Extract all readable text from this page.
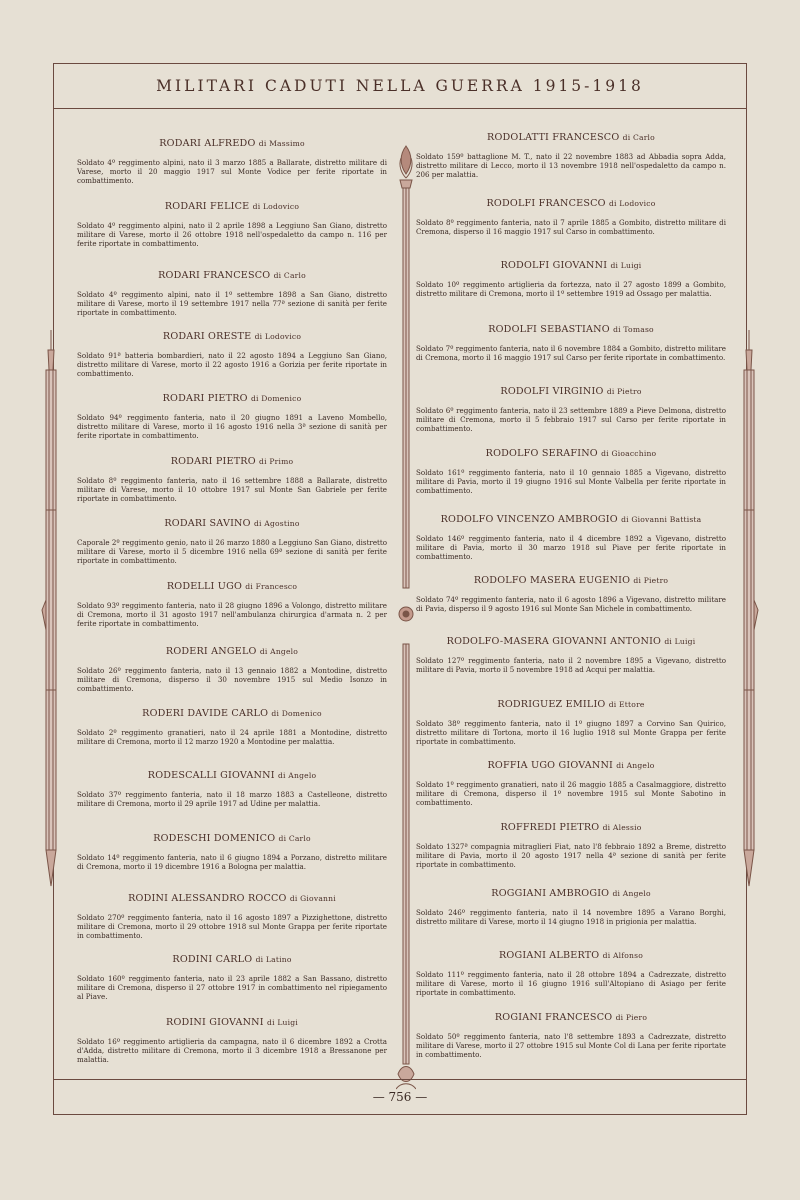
MILITARI CADUTI NELLA GUERRA 1915-1918
RODARI ALFREDO di Massimo

Soldato 4º reggimento alpini, nato il 3 marzo 1885 a Ballarate, distretto militare di Varese, morto il 20 maggio 1917 sul Monte Vodice per ferite riportate in combattimento.

RODARI FELICE di Lodovico

Soldato 4º reggimento alpini, nato il 2 aprile 1898 a Leggiuno San Giano, distretto militare di Varese, morto il 26 ottobre 1918 nell'ospedaletto da campo n. 116 per ferite riportate in combattimento.

RODARI FRANCESCO di Carlo

Soldato 4º reggimento alpini, nato il 1º settembre 1898 a San Giano, distretto militare di Varese, morto il 19 settembre 1917 nella 77ª sezione di sanità per ferite riportate in combattimento.

RODARI ORESTE di Lodovico

Soldato 91ª batteria bombardieri, nato il 22 agosto 1894 a Leggiuno San Giano, distretto militare di Varese, morto il 22 agosto 1916 a Gorizia per ferite riportate in combattimento.

RODARI PIETRO di Domenico

Soldato 94º reggimento fanteria, nato il 20 giugno 1891 a Laveno Mombello, distretto militare di Varese, morto il 16 agosto 1916 nella 3ª sezione di sanità per ferite riportate in combattimento.

RODARI PIETRO di Primo

Soldato 8º reggimento fanteria, nato il 16 settembre 1888 a Ballarate, distretto militare di Varese, morto il 10 ottobre 1917 sul Monte San Gabriele per ferite riportate in combattimento.

RODARI SAVINO di Agostino

Caporale 2º reggimento genio, nato il 26 marzo 1880 a Leggiuno San Giano, distretto militare di Varese, morto il 5 dicembre 1916 nella 69ª sezione di sanità per ferite riportate in combattimento.

RODELLI UGO di Francesco

Soldato 93º reggimento fanteria, nato il 28 giugno 1896 a Volongo, distretto militare di Cremona, morto il 31 agosto 1917 nell'ambulanza chirurgica d'armata n. 2 per ferite riportate in combattimento.

RODERI ANGELO di Angelo

Soldato 26º reggimento fanteria, nato il 13 gennaio 1882 a Montodine, distretto militare di Cremona, disperso il 30 novembre 1915 sul Medio Isonzo in combattimento.

RODERI DAVIDE CARLO di Domenico

Soldato 2º reggimento granatieri, nato il 24 aprile 1881 a Montodine, distretto militare di Cremona, morto il 12 marzo 1920 a Montodine per malattia.

RODESCALLI GIOVANNI di Angelo

Soldato 37º reggimento fanteria, nato il 18 marzo 1883 a Castelleone, distretto militare di Cremona, morto il 29 aprile 1917 ad Udine per malattia.

RODESCHI DOMENICO di Carlo

Soldato 14º reggimento fanteria, nato il 6 giugno 1894 a Porzano, distretto militare di Cremona, morto il 19 dicembre 1916 a Bologna per malattia.

RODINI ALESSANDRO ROCCO di Giovanni

Soldato 270º reggimento fanteria, nato il 16 agosto 1897 a Pizzighettone, distretto militare di Cremona, morto il 29 ottobre 1918 sul Monte Grappa per ferite riportate in combattimento.

RODINI CARLO di Latino

Soldato 160º reggimento fanteria, nato il 23 aprile 1882 a San Bassano, distretto militare di Cremona, disperso il 27 ottobre 1917 in combattimento nel ripiegamento al Piave.

RODINI GIOVANNI di Luigi

Soldato 16º reggimento artiglieria da campagna, nato il 6 dicembre 1892 a Crotta d'Adda, distretto militare di Cremona, morto il 3 dicembre 1918 a Bressanone per malattia.

RODOLATTI FRANCESCO di Carlo

Soldato 159º battaglione M. T., nato il 22 novembre 1883 ad Abbadia sopra Adda, distretto militare di Lecco, morto il 13 novembre 1918 nell'ospedaletto da campo n. 206 per malattia.

RODOLFI FRANCESCO di Lodovico

Soldato 8º reggimento fanteria, nato il 7 aprile 1885 a Gombito, distretto militare di Cremona, disperso il 16 maggio 1917 sul Carso in combattimento.

RODOLFI GIOVANNI di Luigi

Soldato 10º reggimento artiglieria da fortezza, nato il 27 agosto 1899 a Gombito, distretto militare di Cremona, morto il 1º settembre 1919 ad Ossago per malattia.

RODOLFI SEBASTIANO di Tomaso

Soldato 7º reggimento fanteria, nato il 6 novembre 1884 a Gombito, distretto militare di Cremona, morto il 16 maggio 1917 sul Carso per ferite riportate in combattimento.

RODOLFI VIRGINIO di Pietro

Soldato 6º reggimento fanteria, nato il 23 settembre 1889 a Pieve Delmona, distretto militare di Cremona, morto il 5 febbraio 1917 sul Carso per ferite riportate in combattimento.

RODOLFO SERAFINO di Gioacchino

Soldato 161º reggimento fanteria, nato il 10 gennaio 1885 a Vigevano, distretto militare di Pavia, morto il 19 giugno 1916 sul Monte Valbella per ferite riportate in combattimento.

RODOLFO VINCENZO AMBROGIO di Giovanni Battista

Soldato 146º reggimento fanteria, nato il 4 dicembre 1892 a Vigevano, distretto militare di Pavia, morto il 30 marzo 1918 sul Piave per ferite riportate in combattimento.

RODOLFO MASERA EUGENIO di Pietro

Soldato 74º reggimento fanteria, nato il 6 agosto 1896 a Vigevano, distretto militare di Pavia, disperso il 9 agosto 1916 sul Monte San Michele in combattimento.

RODOLFO-MASERA GIOVANNI ANTONIO di Luigi

Soldato 127º reggimento fanteria, nato il 2 novembre 1895 a Vigevano, distretto militare di Pavia, morto il 5 novembre 1918 ad Acqui per malattia.

RODRIGUEZ EMILIO di Ettore

Soldato 38º reggimento fanteria, nato il 1º giugno 1897 a Corvino San Quirico, distretto militare di Tortona, morto il 16 luglio 1918 sul Monte Grappa per ferite riportate in combattimento.

ROFFIA UGO GIOVANNI di Angelo

Soldato 1º reggimento granatieri, nato il 26 maggio 1885 a Casalmaggiore, distretto militare di Cremona, disperso il 1º novembre 1915 sul Monte Sabotino in combattimento.

ROFFREDI PIETRO di Alessio

Soldato 1327ª compagnia mitraglieri Fiat, nato l'8 febbraio 1892 a Breme, distretto militare di Pavia, morto il 20 agosto 1917 nella 4ª sezione di sanità per ferite riportate in combattimento.

ROGGIANI AMBROGIO di Angelo

Soldato 246º reggimento fanteria, nato il 14 novembre 1895 a Varano Borghi, distretto militare di Varese, morto il 14 giugno 1918 in prigionia per malattia.

ROGIANI ALBERTO di Alfonso

Soldato 111º reggimento fanteria, nato il 28 ottobre 1894 a Cadrezzate, distretto militare di Varese, morto il 16 giugno 1916 sull'Altopiano di Asiago per ferite riportate in combattimento.

ROGIANI FRANCESCO di Piero

Soldato 50º reggimento fanteria, nato l'8 settembre 1893 a Cadrezzate, distretto militare di Varese, morto il 27 ottobre 1915 sul Monte Col di Lana per ferite riportate in combattimento.

— 756 —
